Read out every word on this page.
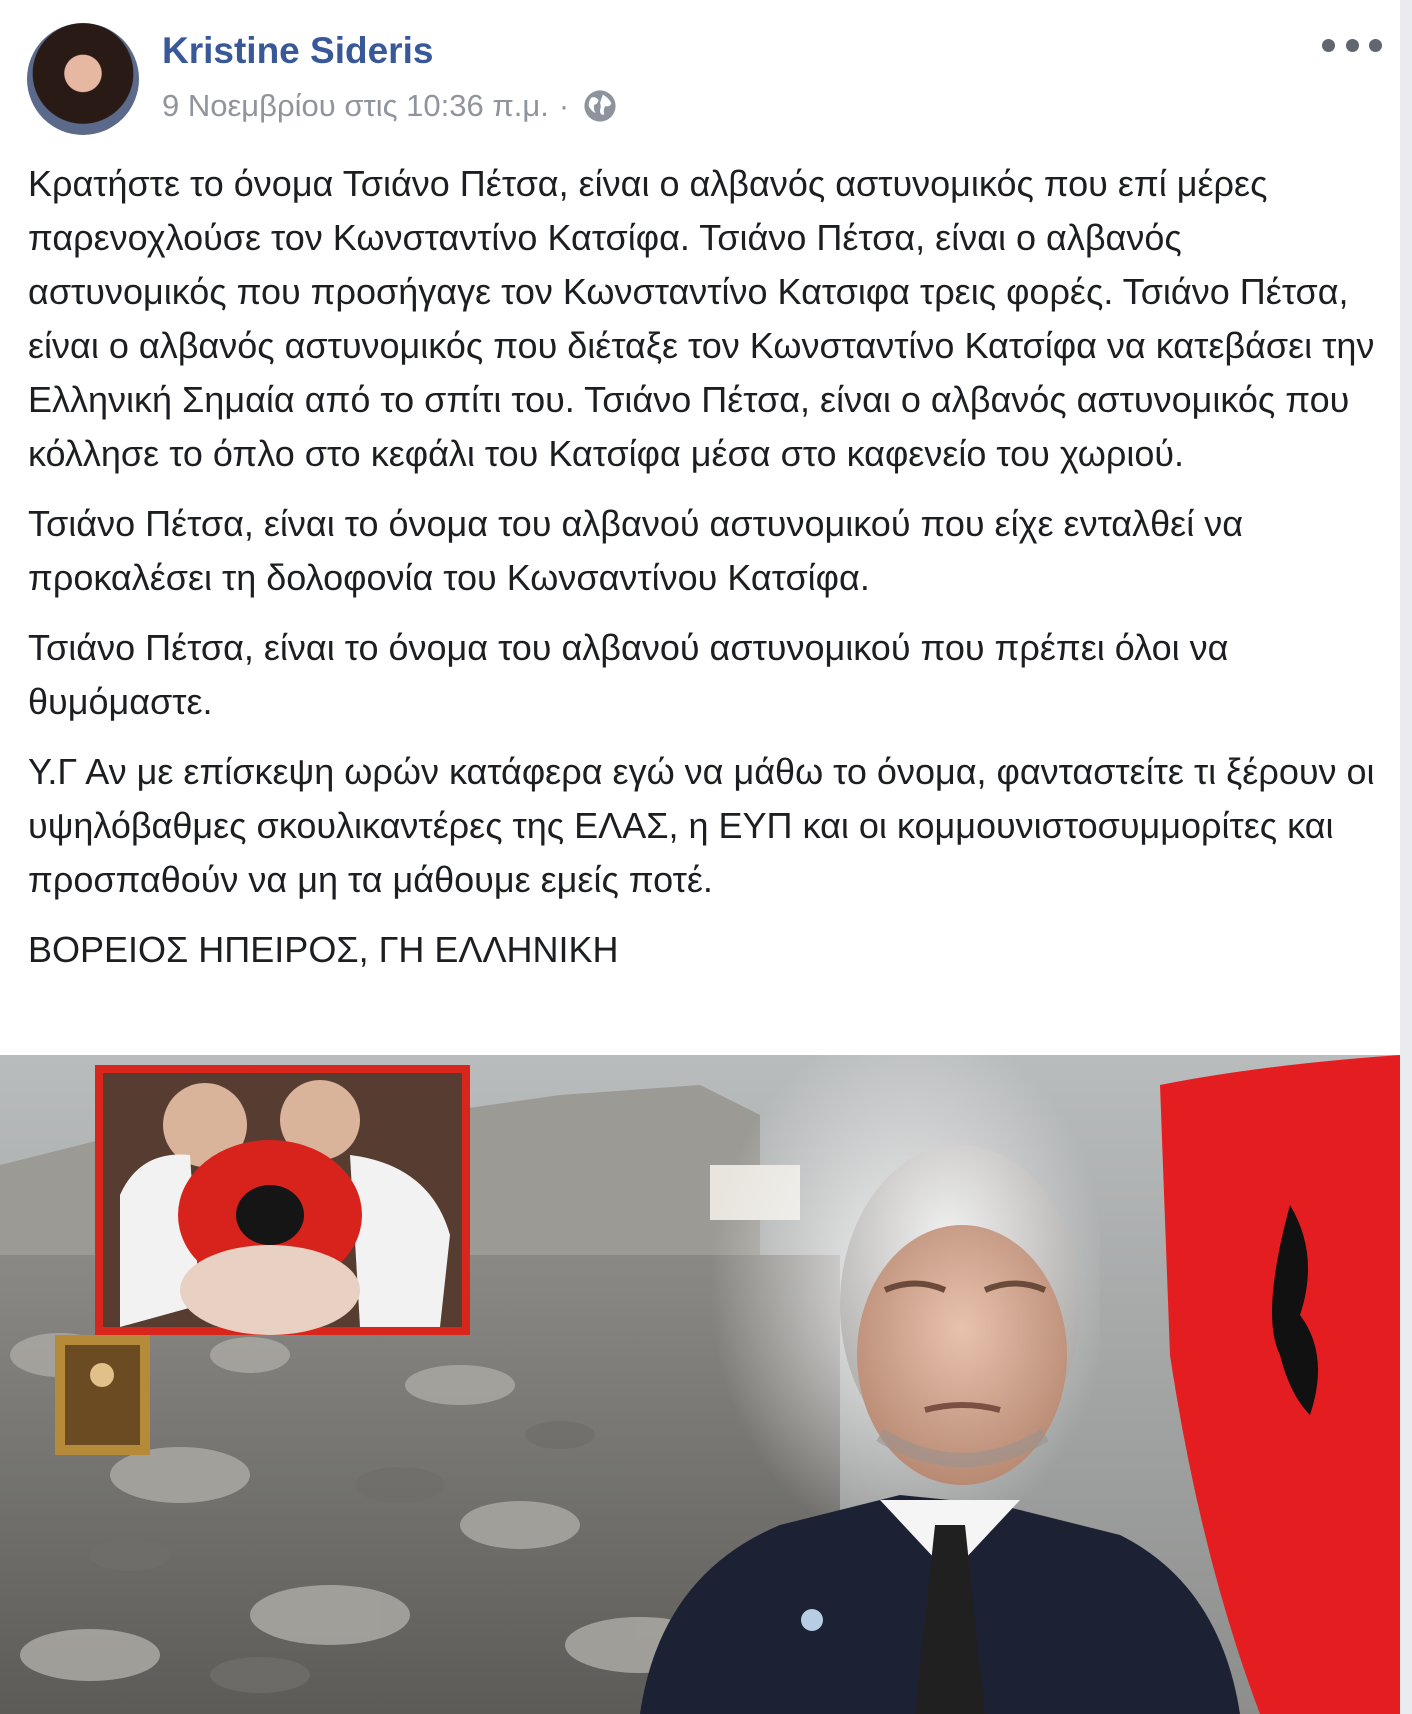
Kristine Sideris
9 Νοεμβρίου στις 10:36 π.μ. ·

Κρατήστε το όνομα Τσιάνο Πέτσα, είναι ο αλβανός αστυνομικός που επί μέρες παρενοχλούσε τον Κωνσταντίνο Κατσίφα. Τσιάνο Πέτσα, είναι ο αλβανός αστυνομικός που προσήγαγε τον Κωνσταντίνο Κατσιφα τρεις φορές. Τσιάνο Πέτσα, είναι ο αλβανός αστυνομικός που διέταξε τον Κωνσταντίνο Κατσίφα να κατεβάσει την Ελληνική Σημαία από το σπίτι του. Τσιάνο Πέτσα, είναι ο αλβανός αστυνομικός που κόλλησε το όπλο στο κεφάλι του Κατσίφα μέσα στο καφενείο του χωριού.

Τσιάνο Πέτσα, είναι το όνομα του αλβανού αστυνομικού που είχε ενταλθεί να προκαλέσει τη δολοφονία του Κωνσαντίνου Κατσίφα.

Τσιάνο Πέτσα, είναι το όνομα του αλβανού αστυνομικού που πρέπει όλοι να θυμόμαστε.

Υ.Γ Αν με επίσκεψη ωρών κατάφερα εγώ να μάθω το όνομα, φανταστείτε τι ξέρουν οι υψηλόβαθμες σκουλικαντέρες της ΕΛΑΣ, η ΕΥΠ και οι κομμουνιστοσυμμορίτες και προσπαθούν να μη τα μάθουμε εμείς ποτέ.

ΒΟΡΕΙΟΣ ΗΠΕΙΡΟΣ, ΓΗ ΕΛΛΗΝΙΚΗ
